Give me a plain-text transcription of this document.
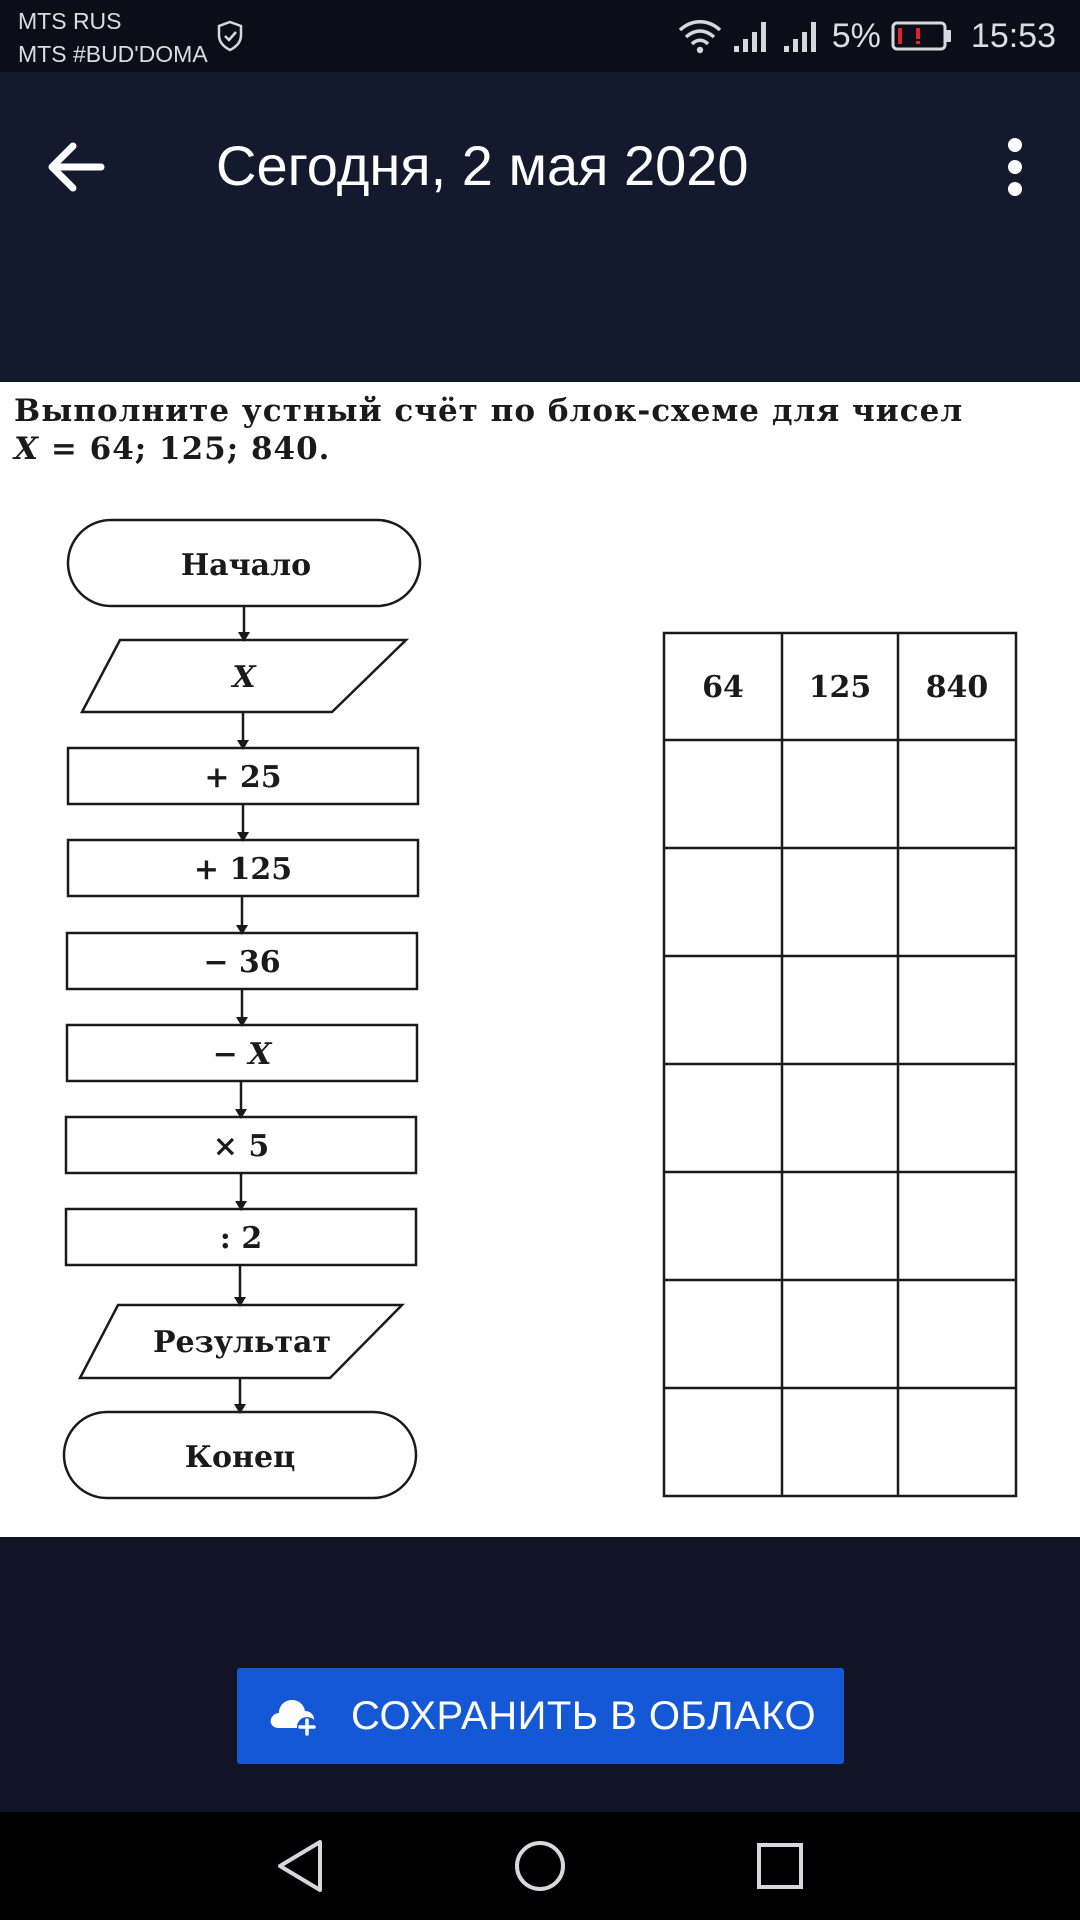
MTS RUS
MTS #BUD'DOMA	5%	15:53
Сегодня, 2 мая 2020
Выполните устный счёт по блок-схеме для чисел
X = 64; 125; 840.
Начало
X
+ 25
+ 125
− 36
− X
× 5
: 2
Результат
Конец
64 125 840
СОХРАНИТЬ В ОБЛАКО
